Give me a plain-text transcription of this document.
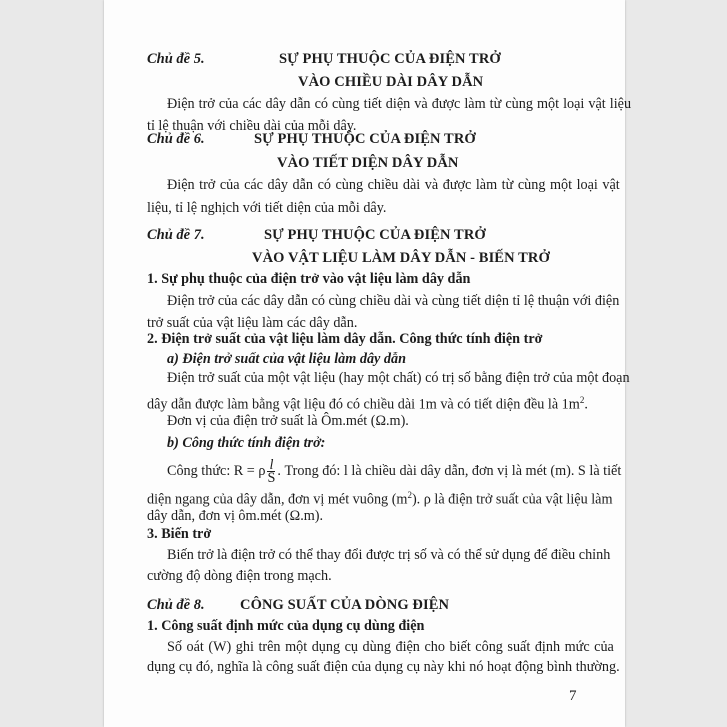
Chủ đề 5.	SỰ PHỤ THUỘC CỦA ĐIỆN TRỞ
VÀO CHIỀU DÀI DÂY DẪN
Điện trở của các dây dẫn có cùng tiết diện và được làm từ cùng một loại vật liệu
tỉ lệ thuận với chiều dài của mỗi dây.
Chủ đề 6.	SỰ PHỤ THUỘC CỦA ĐIỆN TRỞ
VÀO TIẾT DIỆN DÂY DẪN
Điện trở của các dây dẫn có cùng chiều dài và được làm từ cùng một loại vật
liệu, tỉ lệ nghịch với tiết diện của mỗi dây.
Chủ đề 7.	SỰ PHỤ THUỘC CỦA ĐIỆN TRỞ
VÀO VẬT LIỆU LÀM DÂY DẪN - BIẾN TRỞ
1. Sự phụ thuộc của điện trở vào vật liệu làm dây dẫn
Điện trở của các dây dẫn có cùng chiều dài và cùng tiết diện tỉ lệ thuận với điện
trở suất của vật liệu làm các dây dẫn.
2. Điện trở suất của vật liệu làm dây dẫn. Công thức tính điện trở
a) Điện trở suất của vật liệu làm dây dẫn
Điện trở suất của một vật liệu (hay một chất) có trị số bằng điện trở của một đoạn
dây dẫn được làm bằng vật liệu đó có chiều dài 1m và có tiết diện đều là $1m^2$.
Đơn vị của điện trở suất là Ôm.mét (Ω.m).
b) Công thức tính điện trở:
Công thức: R = ρ $\frac{l}{S}$ . Trong đó: l là chiều dài dây dẫn, đơn vị là mét (m). S là tiết
diện ngang của dây dẫn, đơn vị mét vuông $(m^2)$. ρ là điện trở suất của vật liệu làm
dây dẫn, đơn vị ôm.mét (Ω.m).
3. Biến trở
Biến trở là điện trở có thể thay đổi được trị số và có thể sử dụng để điều chỉnh
cường độ dòng điện trong mạch.
Chủ đề 8. CÔNG SUẤT CỦA DÒNG ĐIỆN
1. Công suất định mức của dụng cụ dùng điện
Số oát (W) ghi trên một dụng cụ dùng điện cho biết công suất định mức của
dụng cụ đó, nghĩa là công suất điện của dụng cụ này khi nó hoạt động bình thường.
7
